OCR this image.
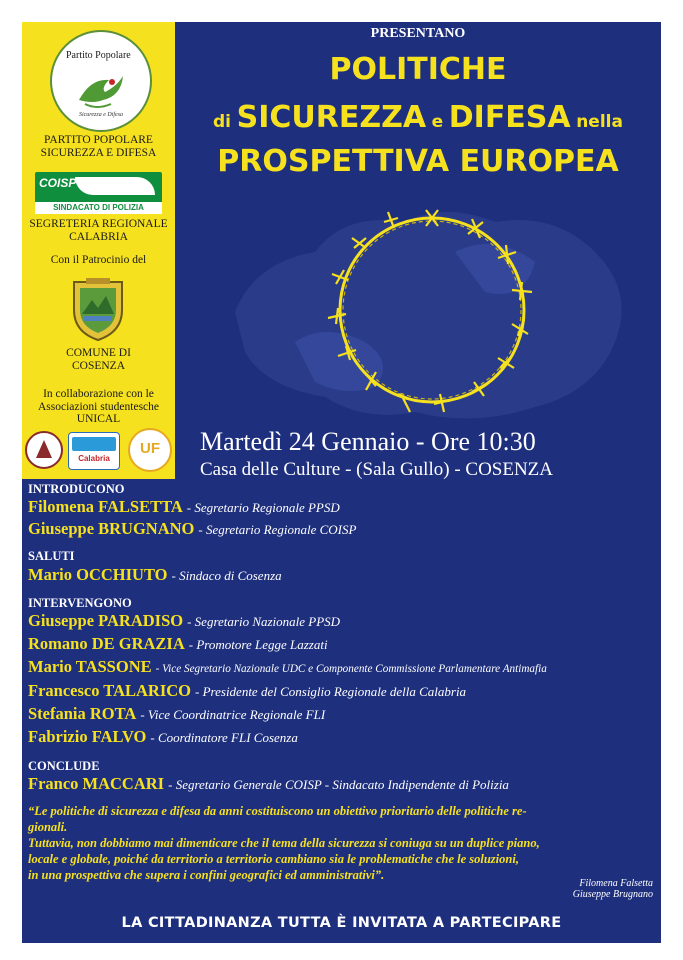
Partito Popolare
Sicurezza e Difesa
PARTITO POPOLARE
SICUREZZA E DIFESA
COISP
SINDACATO DI POLIZIA
SEGRETERIA REGIONALE
CALABRIA
Con il Patrocinio del
COMUNE DI
COSENZA
In collaborazione con le
Associazioni studentesche
UNICAL
Calabria
UF
PRESENTANO
POLITICHE
di SICUREZZA e DIFESA nella
PROSPETTIVA EUROPEA
Martedì 24 Gennaio - Ore 10:30
Casa delle Culture - (Sala Gullo) - COSENZA
INTRODUCONO
Filomena FALSETTA - Segretario Regionale PPSD
Giuseppe BRUGNANO - Segretario Regionale COISP
SALUTI
Mario OCCHIUTO - Sindaco di Cosenza
INTERVENGONO
Giuseppe PARADISO - Segretario Nazionale PPSD
Romano DE GRAZIA - Promotore Legge Lazzati
Mario TASSONE - Vice Segretario Nazionale UDC e Componente Commissione Parlamentare Antimafia
Francesco TALARICO - Presidente del Consiglio Regionale della Calabria
Stefania ROTA - Vice Coordinatrice Regionale FLI
Fabrizio FALVO - Coordinatore FLI Cosenza
CONCLUDE
Franco MACCARI - Segretario Generale COISP - Sindacato Indipendente di Polizia
“Le politiche di sicurezza e difesa da anni costituiscono un obiettivo prioritario delle politiche re-
gionali.
Tuttavia, non dobbiamo mai dimenticare che il tema della sicurezza si coniuga su un duplice piano,
locale e globale, poiché da territorio a territorio cambiano sia le problematiche che le soluzioni,
in una prospettiva che supera i confini geografici ed amministrativi”.
Filomena Falsetta
Giuseppe Brugnano
LA CITTADINANZA TUTTA È INVITATA A PARTECIPARE
